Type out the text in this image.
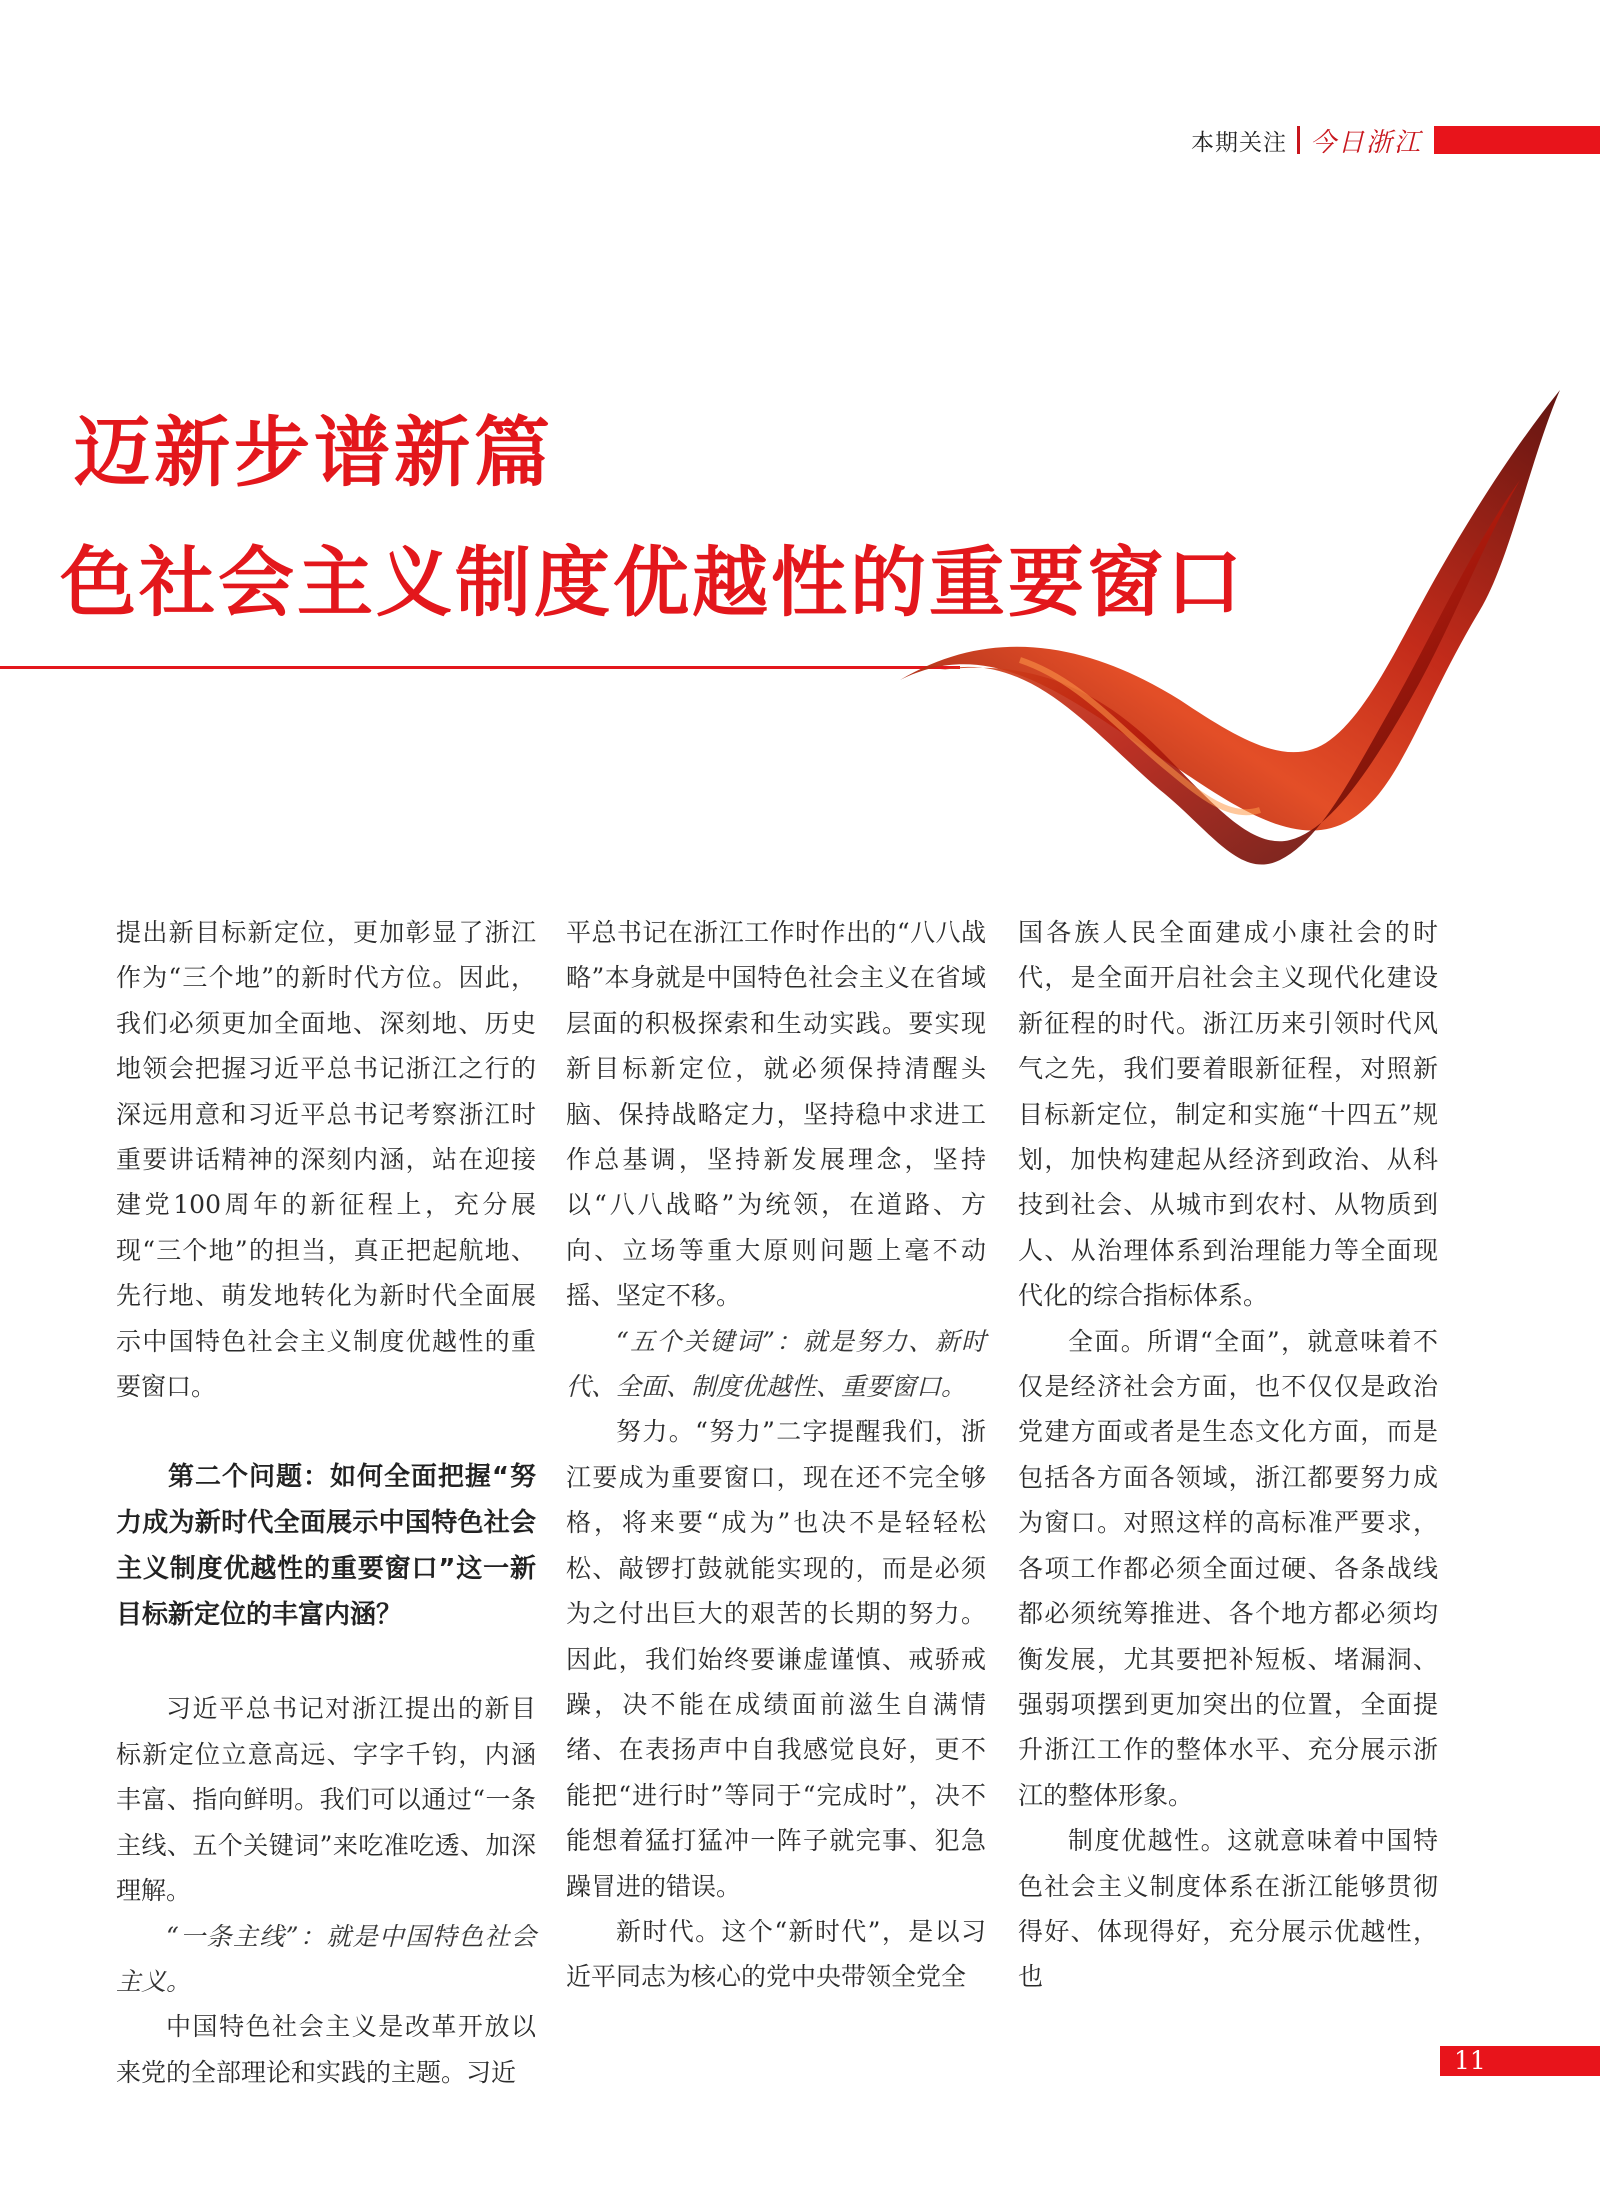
本期关注 今日浙江
迈新步谱新篇
色社会主义制度优越性的重要窗口

提出新目标新定位，更加彰显了浙江作为“三个地”的新时代方位。因此，我们必须更加全面地、深刻地、历史地领会把握习近平总书记浙江之行的深远用意和习近平总书记考察浙江时重要讲话精神的深刻内涵，站在迎接建党100周年的新征程上，充分展现“三个地”的担当，真正把起航地、先行地、萌发地转化为新时代全面展示中国特色社会主义制度优越性的重要窗口。

第二个问题：如何全面把握“努力成为新时代全面展示中国特色社会主义制度优越性的重要窗口”这一新目标新定位的丰富内涵？

习近平总书记对浙江提出的新目标新定位立意高远、字字千钧，内涵丰富、指向鲜明。我们可以通过“一条主线、五个关键词”来吃准吃透、加深理解。

“一条主线”：就是中国特色社会主义。

中国特色社会主义是改革开放以来党的全部理论和实践的主题。习近

平总书记在浙江工作时作出的“八八战略”本身就是中国特色社会主义在省域层面的积极探索和生动实践。要实现新目标新定位，就必须保持清醒头脑、保持战略定力，坚持稳中求进工作总基调，坚持新发展理念，坚持以“八八战略”为统领，在道路、方向、立场等重大原则问题上毫不动摇、坚定不移。

“五个关键词”：就是努力、新时代、全面、制度优越性、重要窗口。

努力。“努力”二字提醒我们，浙江要成为重要窗口，现在还不完全够格，将来要“成为”也决不是轻轻松松、敲锣打鼓就能实现的，而是必须为之付出巨大的艰苦的长期的努力。因此，我们始终要谦虚谨慎、戒骄戒躁，决不能在成绩面前滋生自满情绪、在表扬声中自我感觉良好，更不能把“进行时”等同于“完成时”，决不能想着猛打猛冲一阵子就完事、犯急躁冒进的错误。

新时代。这个“新时代”，是以习近平同志为核心的党中央带领全党全

国各族人民全面建成小康社会的时代，是全面开启社会主义现代化建设新征程的时代。浙江历来引领时代风气之先，我们要着眼新征程，对照新目标新定位，制定和实施“十四五”规划，加快构建起从经济到政治、从科技到社会、从城市到农村、从物质到人、从治理体系到治理能力等全面现代化的综合指标体系。

全面。所谓“全面”，就意味着不仅是经济社会方面，也不仅仅是政治党建方面或者是生态文化方面，而是包括各方面各领域，浙江都要努力成为窗口。对照这样的高标准严要求，各项工作都必须全面过硬、各条战线都必须统筹推进、各个地方都必须均衡发展，尤其要把补短板、堵漏洞、强弱项摆到更加突出的位置，全面提升浙江工作的整体水平、充分展示浙江的整体形象。

制度优越性。这就意味着中国特色社会主义制度体系在浙江能够贯彻得好、体现得好，充分展示优越性，也

11
